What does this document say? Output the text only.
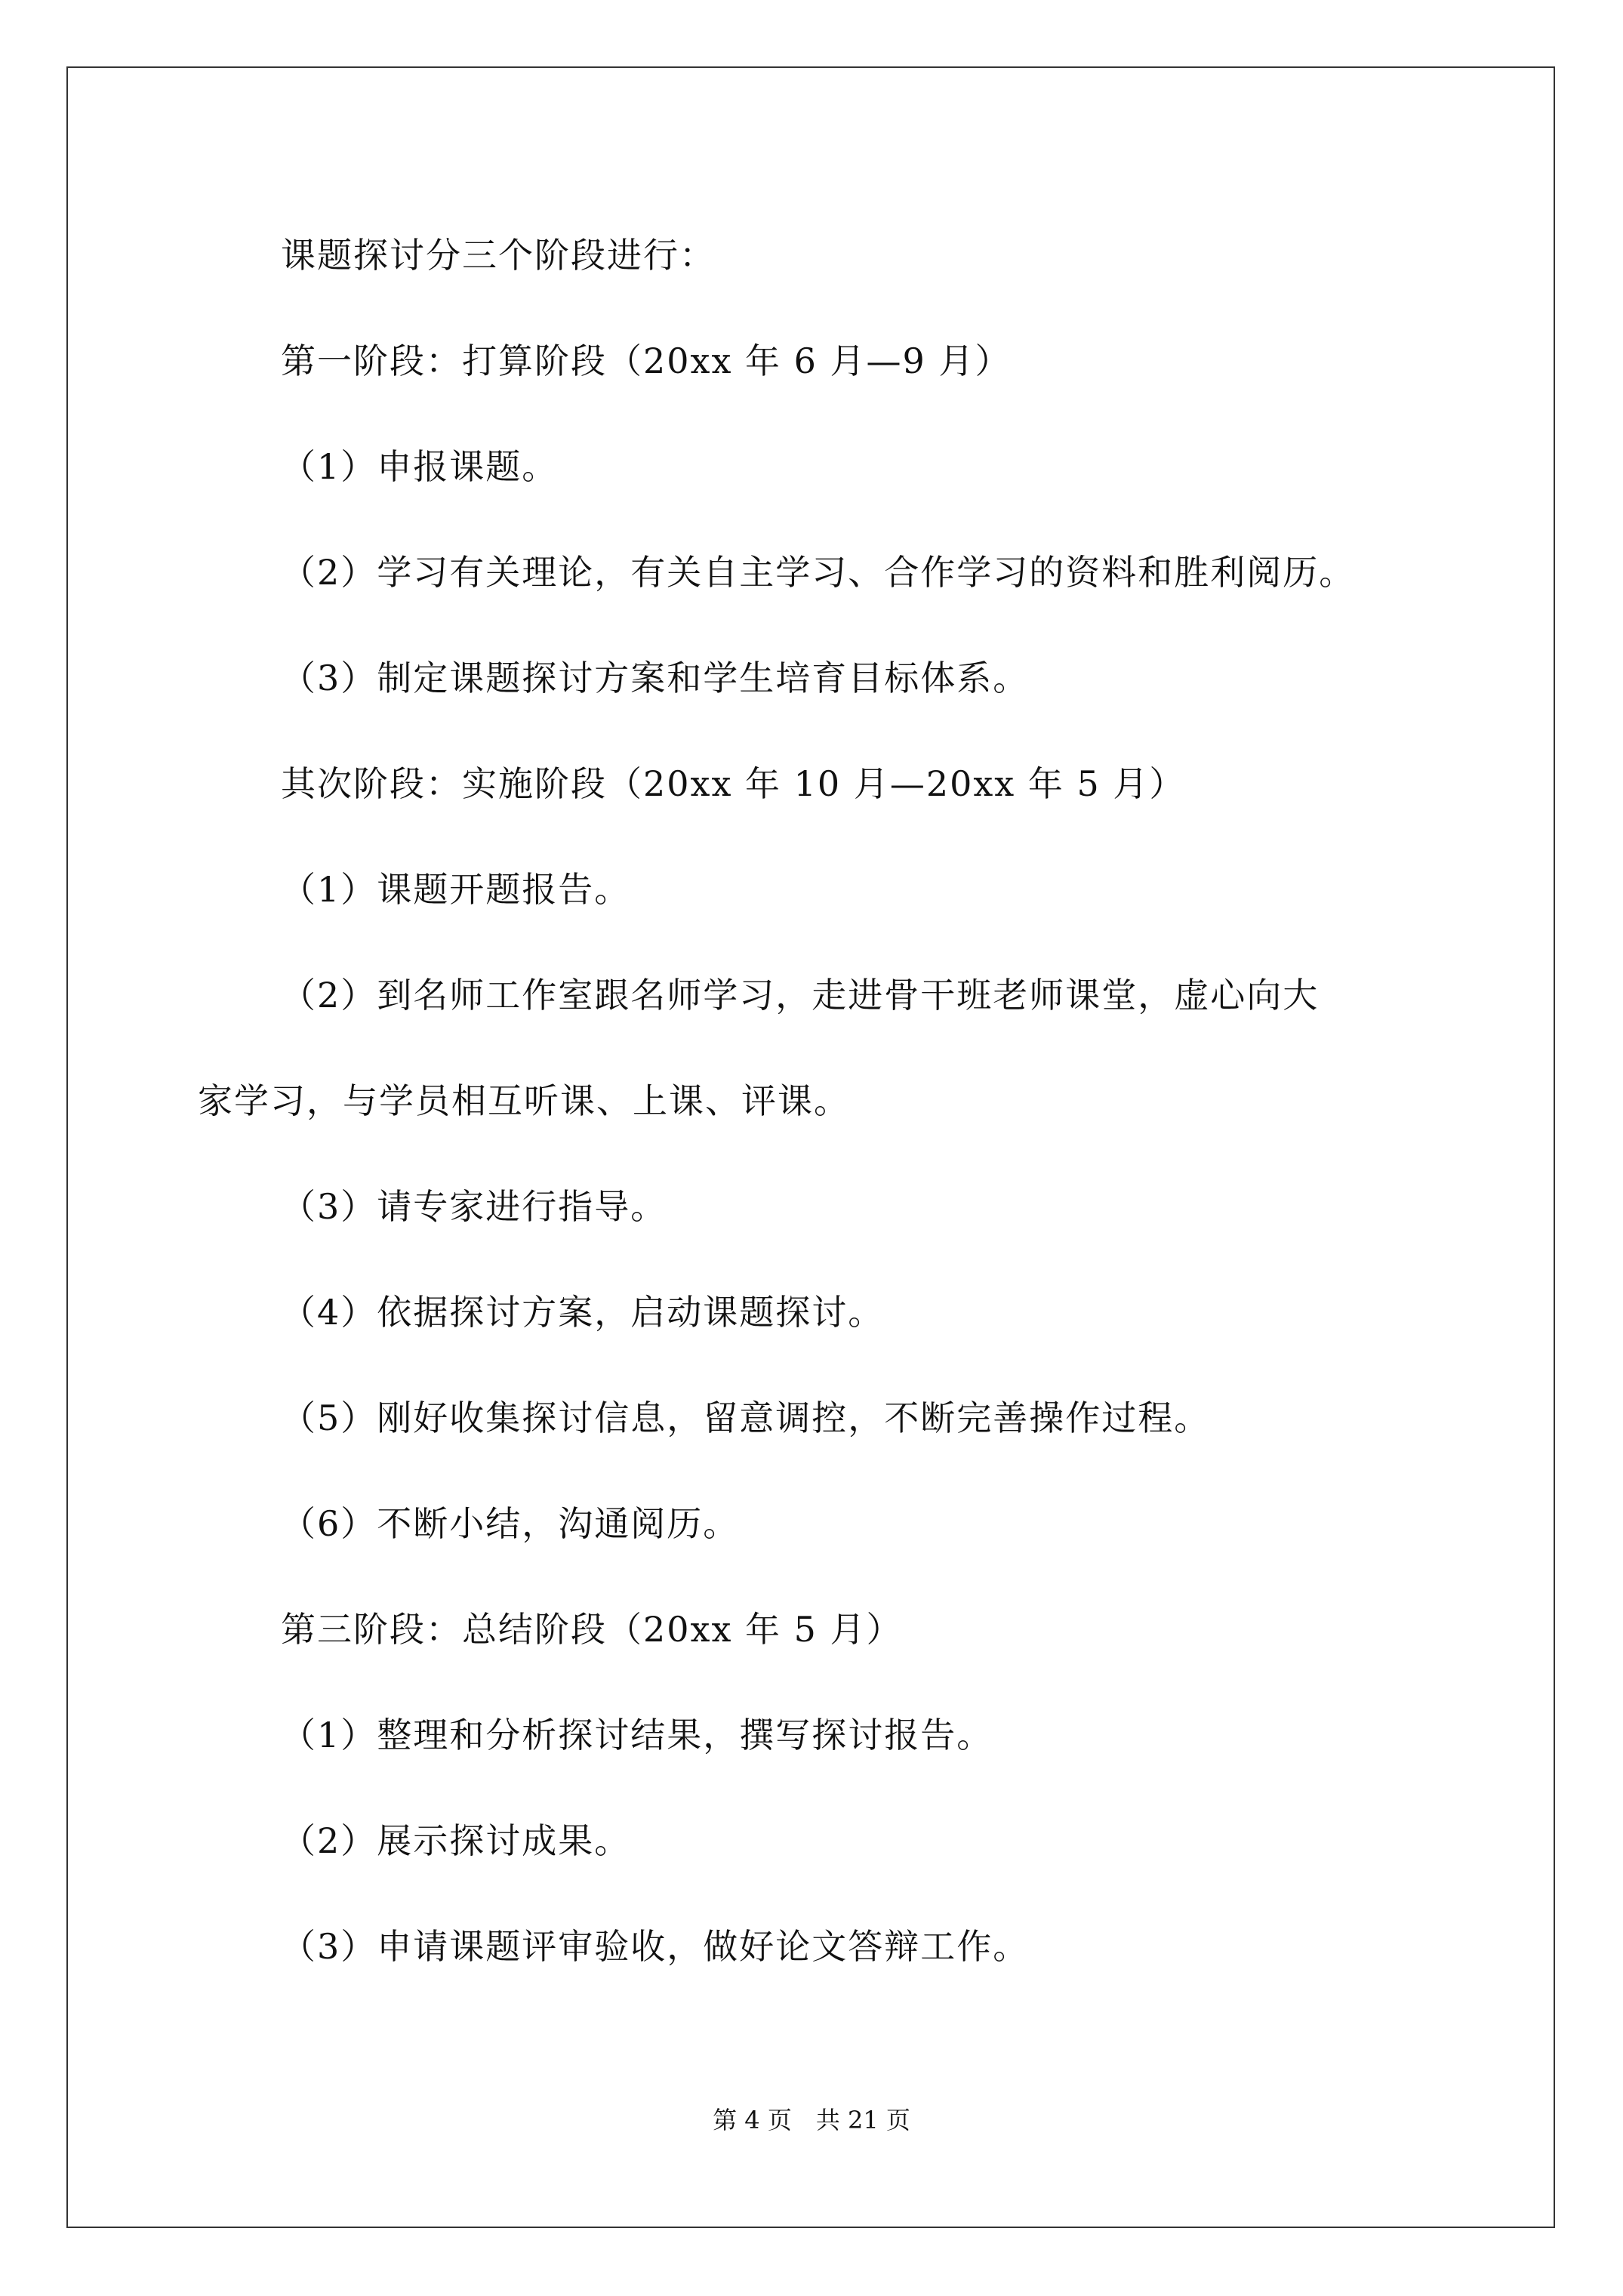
课题探讨分三个阶段进行：
第一阶段：打算阶段（20xx 年 6 月—9 月）
（1）申报课题。
（2）学习有关理论，有关自主学习、合作学习的资料和胜利阅历。
（3）制定课题探讨方案和学生培育目标体系。
其次阶段：实施阶段（20xx 年 10 月—20xx 年 5 月）
（1）课题开题报告。
（2）到名师工作室跟名师学习，走进骨干班老师课堂，虚心向大
家学习，与学员相互听课、上课、评课。
（3）请专家进行指导。
（4）依据探讨方案，启动课题探讨。
（5）刚好收集探讨信息，留意调控，不断完善操作过程。
（6）不断小结，沟通阅历。
第三阶段：总结阶段（20xx 年 5 月）
（1）整理和分析探讨结果，撰写探讨报告。
（2）展示探讨成果。
（3）申请课题评审验收，做好论文答辩工作。
第 4 页　共 21 页
